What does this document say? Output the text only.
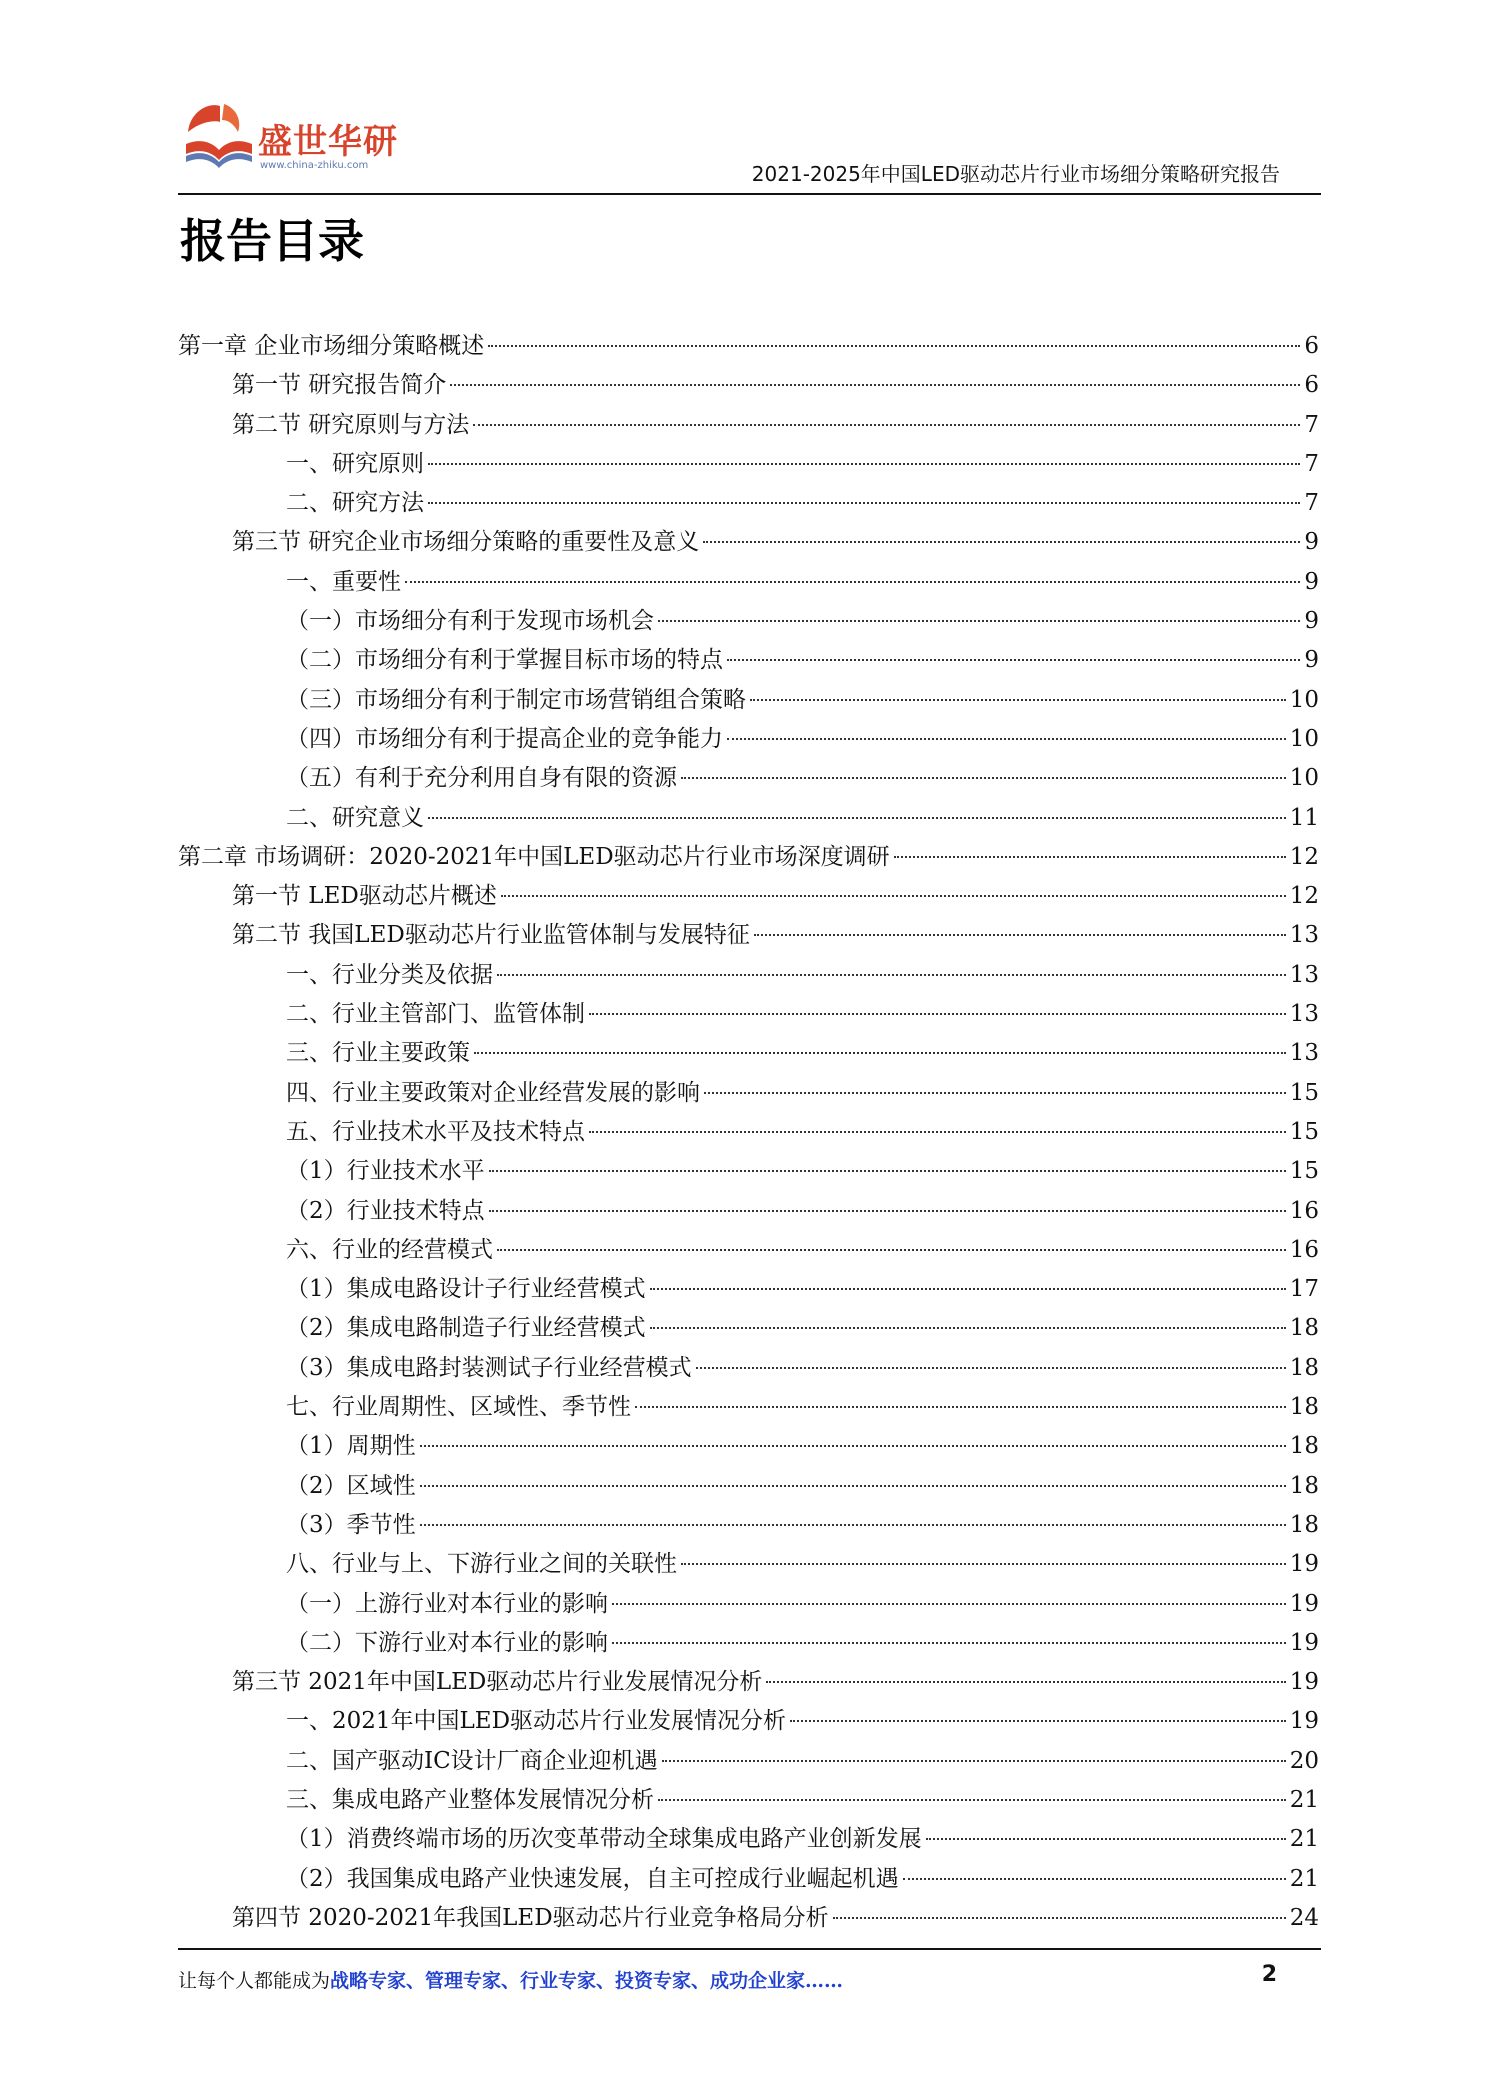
盛世华研
www.china-zhiku.com	2021-2025年中国LED驱动芯片行业市场细分策略研究报告
报告目录
第一章 企业市场细分策略概述	6
第一节 研究报告简介	6
第二节 研究原则与方法	7
一、研究原则	7
二、研究方法	7
第三节 研究企业市场细分策略的重要性及意义	9
一、重要性	9
（一）市场细分有利于发现市场机会	9
（二）市场细分有利于掌握目标市场的特点	9
（三）市场细分有利于制定市场营销组合策略	10
（四）市场细分有利于提高企业的竞争能力	10
（五）有利于充分利用自身有限的资源	10
二、研究意义	11
第二章 市场调研：2020-2021年中国LED驱动芯片行业市场深度调研	12
第一节 LED驱动芯片概述	12
第二节 我国LED驱动芯片行业监管体制与发展特征	13
一、行业分类及依据	13
二、行业主管部门、监管体制	13
三、行业主要政策	13
四、行业主要政策对企业经营发展的影响	15
五、行业技术水平及技术特点	15
（1）行业技术水平	15
（2）行业技术特点	16
六、行业的经营模式	16
（1）集成电路设计子行业经营模式	17
（2）集成电路制造子行业经营模式	18
（3）集成电路封装测试子行业经营模式	18
七、行业周期性、区域性、季节性	18
（1）周期性	18
（2）区域性	18
（3）季节性	18
八、行业与上、下游行业之间的关联性	19
（一）上游行业对本行业的影响	19
（二）下游行业对本行业的影响	19
第三节 2021年中国LED驱动芯片行业发展情况分析	19
一、2021年中国LED驱动芯片行业发展情况分析	19
二、国产驱动IC设计厂商企业迎机遇	20
三、集成电路产业整体发展情况分析	21
（1）消费终端市场的历次变革带动全球集成电路产业创新发展	21
（2）我国集成电路产业快速发展，自主可控成行业崛起机遇	21
第四节 2020-2021年我国LED驱动芯片行业竞争格局分析	24
让每个人都能成为战略专家、管理专家、行业专家、投资专家、成功企业家……	2
